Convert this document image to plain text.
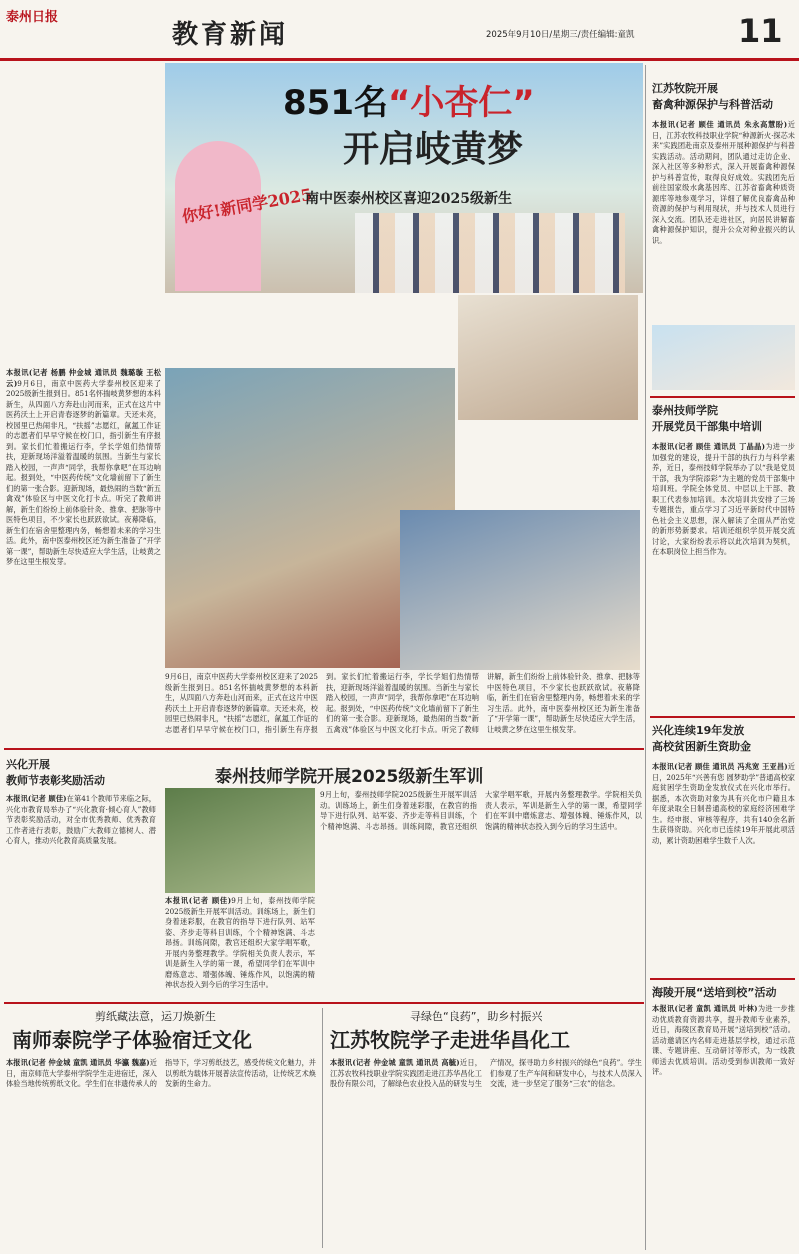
泰州日报
教育新闻	2025年9月10日/星期三/责任编辑:童凯	11
你好!新同学2025
851名“小杏仁”
开启岐黄梦
南中医泰州校区喜迎2025级新生
本报讯(记者 杨鹏 仲金城 通讯员 魏璐璇 王松云)9月6日，南京中医药大学泰州校区迎来了2025级新生报到日。851名怀揣岐黄梦想的本科新生，从四面八方奔赴山河而来，正式在这片中医药沃土上开启青春逐梦的新篇章。天还未亮，校园里已热闹非凡，“扶摇”志愿红，氤氲工作证的志愿者们早早守候在校门口，指引新生有序报到。家长们忙着搬运行李，学长学姐们热情帮扶，迎新现场洋溢着温暖的氛围。当新生与家长踏入校园，一声声“同学，我帮你拿吧”在耳边响起。报到处，“中医药传统”文化墙前留下了新生们的第一张合影。迎新现场，最热闹的当数“新五禽戏”体验区与中医文化打卡点。听完了教师讲解，新生们纷纷上前体验针灸、推拿、把脉等中医特色项目，不少家长也跃跃欲试。夜幕降临，新生们在宿舍里整理内务，畅想着未来的学习生活。此外，南中医泰州校区还为新生准备了“开学第一课”，帮助新生尽快适应大学生活，让岐黄之梦在这里生根发芽。
9月6日，南京中医药大学泰州校区迎来了2025级新生报到日。851名怀揣岐黄梦想的本科新生，从四面八方奔赴山河而来，正式在这片中医药沃土上开启青春逐梦的新篇章。天还未亮，校园里已热闹非凡，“扶摇”志愿红，氤氲工作证的志愿者们早早守候在校门口，指引新生有序报到。家长们忙着搬运行李，学长学姐们热情帮扶，迎新现场洋溢着温暖的氛围。当新生与家长踏入校园，一声声“同学，我帮你拿吧”在耳边响起。报到处，“中医药传统”文化墙前留下了新生们的第一张合影。迎新现场，最热闹的当数“新五禽戏”体验区与中医文化打卡点。听完了教师讲解，新生们纷纷上前体验针灸、推拿、把脉等中医特色项目，不少家长也跃跃欲试。夜幕降临，新生们在宿舍里整理内务，畅想着未来的学习生活。此外，南中医泰州校区还为新生准备了“开学第一课”，帮助新生尽快适应大学生活，让岐黄之梦在这里生根发芽。
江苏牧院开展
畜禽种源保护与科普活动
本报讯(记者 顾佳 通讯员 朱永高慧盼)近日，江苏农牧科技职业学院“种源新火·探芯未来”实践团赴南京及泰州开展种源保护与科普实践活动。活动期间，团队通过走访企业、深入社区等多种形式，深入开展畜禽种源保护与科普宣传，取得良好成效。实践团先后前往国家级水禽基因库、江苏省畜禽种质资源库等地参观学习，详细了解优良畜禽品种资源的保护与利用现状，并与技术人员进行深入交流。团队还走进社区，向居民讲解畜禽种源保护知识，提升公众对种业振兴的认识。
泰州技师学院
开展党员干部集中培训
本报讯(记者 顾佳 通讯员 丁晶晶)为进一步加强党的建设，提升干部的执行力与科学素养，近日，泰州技师学院举办了以“我是党员干部，我为学院添彩”为主题的党员干部集中培训班。学院全体党员、中层以上干部、教职工代表参加培训。本次培训共安排了三场专题报告，重点学习了习近平新时代中国特色社会主义思想，深入解读了全面从严治党的新形势新要求。培训还组织学员开展交流讨论，大家纷纷表示将以此次培训为契机，在本职岗位上担当作为。
兴化连续19年发放
高校贫困新生资助金
本报讯(记者 顾佳 通讯员 冯兆宽 王亚昌)近日，2025年“兴善有您 圆梦助学”普通高校家庭贫困学生资助金发放仪式在兴化市举行。据悉，本次资助对象为具有兴化市户籍且本年度录取全日制普通高校的家庭经济困难学生。经申报、审核等程序，共有140余名新生获得资助。兴化市已连续19年开展此项活动，累计资助困难学生数千人次。
海陵开展“送培到校”活动
本报讯(记者 童凯 通讯员 叶林)为进一步推动优质教育资源共享，提升教师专业素养，近日，海陵区教育局开展“送培到校”活动。活动邀请区内名师走进基层学校，通过示范课、专题讲座、互动研讨等形式，为一线教师送去优质培训。活动受到参训教师一致好评。
兴化开展
教师节表彰奖励活动
本报讯(记者 顾佳)在第41个教师节来临之际，兴化市教育局举办了“兴化教育·倾心育人”教师节表彰奖励活动，对全市优秀教师、优秀教育工作者进行表彰，鼓励广大教师立德树人、潜心育人，推动兴化教育高质量发展。
泰州技师学院开展2025级新生军训
本报讯(记者 顾佳)9月上旬，泰州技师学院2025级新生开展军训活动。训练场上，新生们身着迷彩服，在教官的指导下进行队列、站军姿、齐步走等科目训练，个个精神饱满、斗志昂扬。训练间隙，教官还组织大家学唱军歌，开展内务整理教学。学院相关负责人表示，军训是新生入学的第一课，希望同学们在军训中磨炼意志、增强体魄、锤炼作风，以饱满的精神状态投入到今后的学习生活中。
9月上旬，泰州技师学院2025级新生开展军训活动。训练场上，新生们身着迷彩服，在教官的指导下进行队列、站军姿、齐步走等科目训练，个个精神饱满、斗志昂扬。训练间隙，教官还组织大家学唱军歌，开展内务整理教学。学院相关负责人表示，军训是新生入学的第一课，希望同学们在军训中磨炼意志、增强体魄、锤炼作风，以饱满的精神状态投入到今后的学习生活中。
剪纸藏法意，运刀焕新生
南师泰院学子体验宿迁文化
本报讯(记者 仲金城 童凯 通讯员 华瀛 魏嘉)近日，南京师范大学泰州学院学生走进宿迁，深入体验当地传统剪纸文化。学生们在非遗传承人的指导下，学习剪纸技艺，感受传统文化魅力，并以剪纸为载体开展普法宣传活动，让传统艺术焕发新的生命力。
寻绿色“良药”，助乡村振兴
江苏牧院学子走进华昌化工
本报讯(记者 仲金城 童凯 通讯员 高毓)近日，江苏农牧科技职业学院实践团走进江苏华昌化工股份有限公司，了解绿色农业投入品的研发与生产情况，探寻助力乡村振兴的绿色“良药”。学生们参观了生产车间和研发中心，与技术人员深入交流，进一步坚定了服务“三农”的信念。
